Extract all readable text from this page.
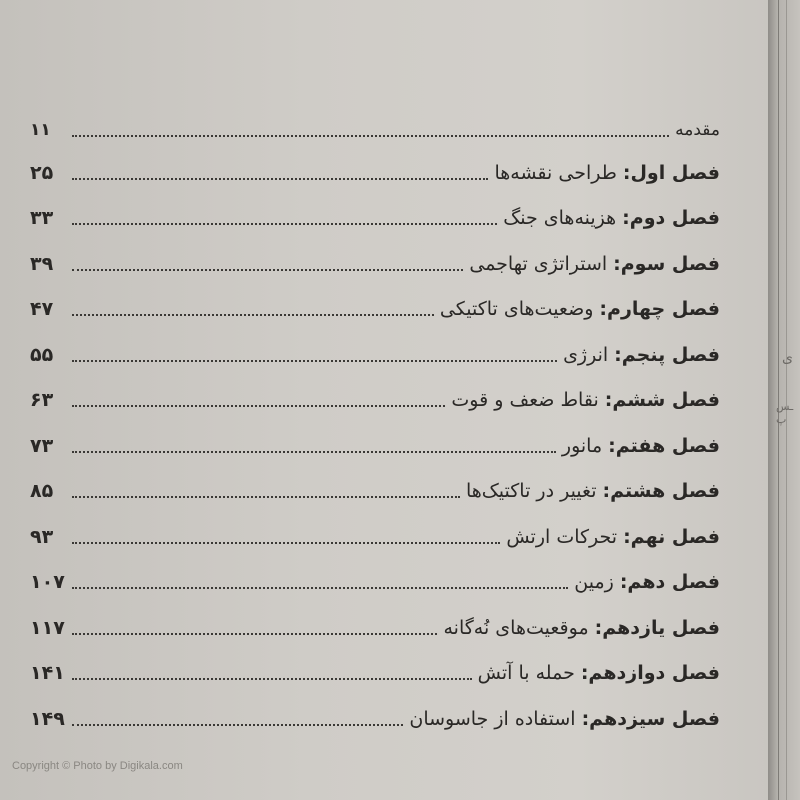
ی
ـس پ
مقدمه
۱۱
فصل اول:
طراحی نقشه‌ها
۲۵
فصل دوم:
هزینه‌های جنگ
۳۳
فصل سوم:
استراتژی تهاجمی
۳۹
فصل چهارم:
وضعیت‌های تاکتیکی
۴۷
فصل پنجم:
انرژی
۵۵
فصل ششم:
نقاط ضعف و قوت
۶۳
فصل هفتم:
مانور
۷۳
فصل هشتم:
تغییر در تاکتیک‌ها
۸۵
فصل نهم:
تحرکات ارتش
۹۳
فصل دهم:
زمین
۱۰۷
فصل یازدهم:
موقعیت‌های نُه‌گانه
۱۱۷
فصل دوازدهم:
حمله با آتش
۱۴۱
فصل سیزدهم:
استفاده از جاسوسان
۱۴۹
Copyright © Photo by Digikala.com
